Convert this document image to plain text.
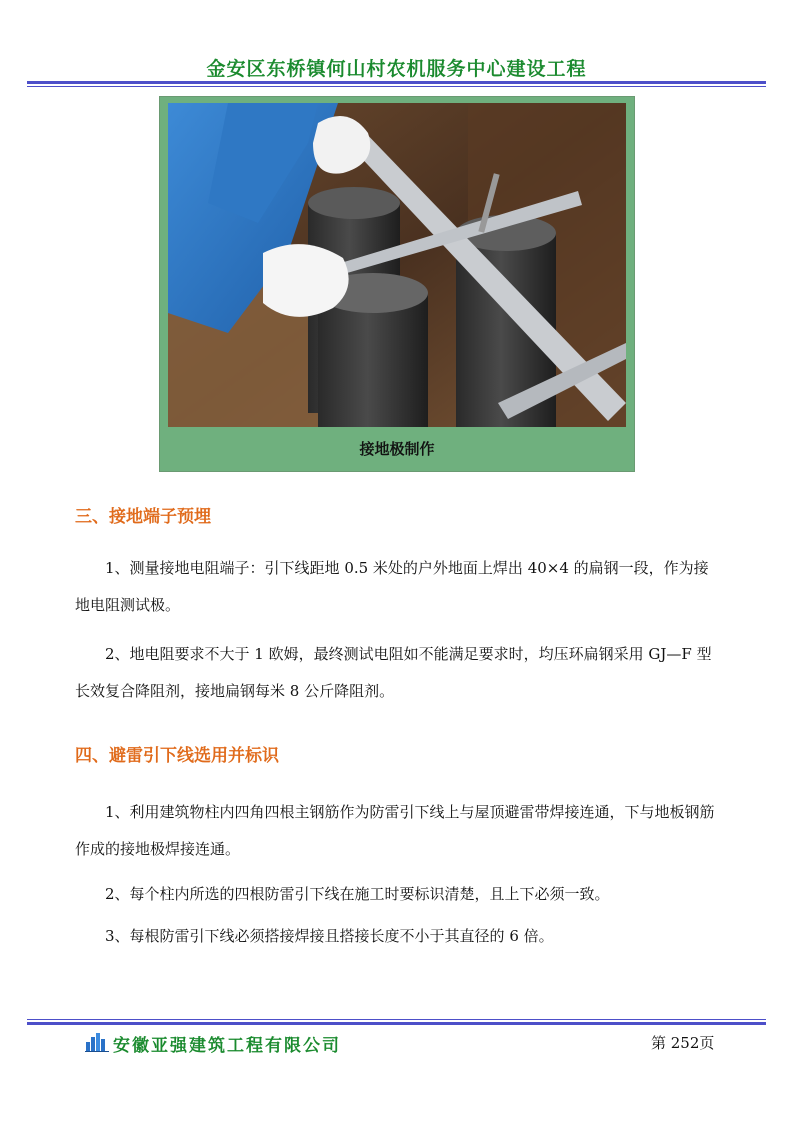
金安区东桥镇何山村农机服务中心建设工程
接地极制作
三、接地端子预埋
1、测量接地电阻端子：引下线距地 0.5 米处的户外地面上焊出 40×4 的扁钢一段，作为接地电阻测试极。
2、地电阻要求不大于 1 欧姆，最终测试电阻如不能满足要求时，均压环扁钢采用 GJ—F 型长效复合降阻剂，接地扁钢每米 8 公斤降阻剂。
四、避雷引下线选用并标识
1、利用建筑物柱内四角四根主钢筋作为防雷引下线上与屋顶避雷带焊接连通，下与地板钢筋作成的接地极焊接连通。
2、每个柱内所选的四根防雷引下线在施工时要标识清楚，且上下必须一致。
3、每根防雷引下线必须搭接焊接且搭接长度不小于其直径的 6 倍。
安徽亚强建筑工程有限公司	第 252页
